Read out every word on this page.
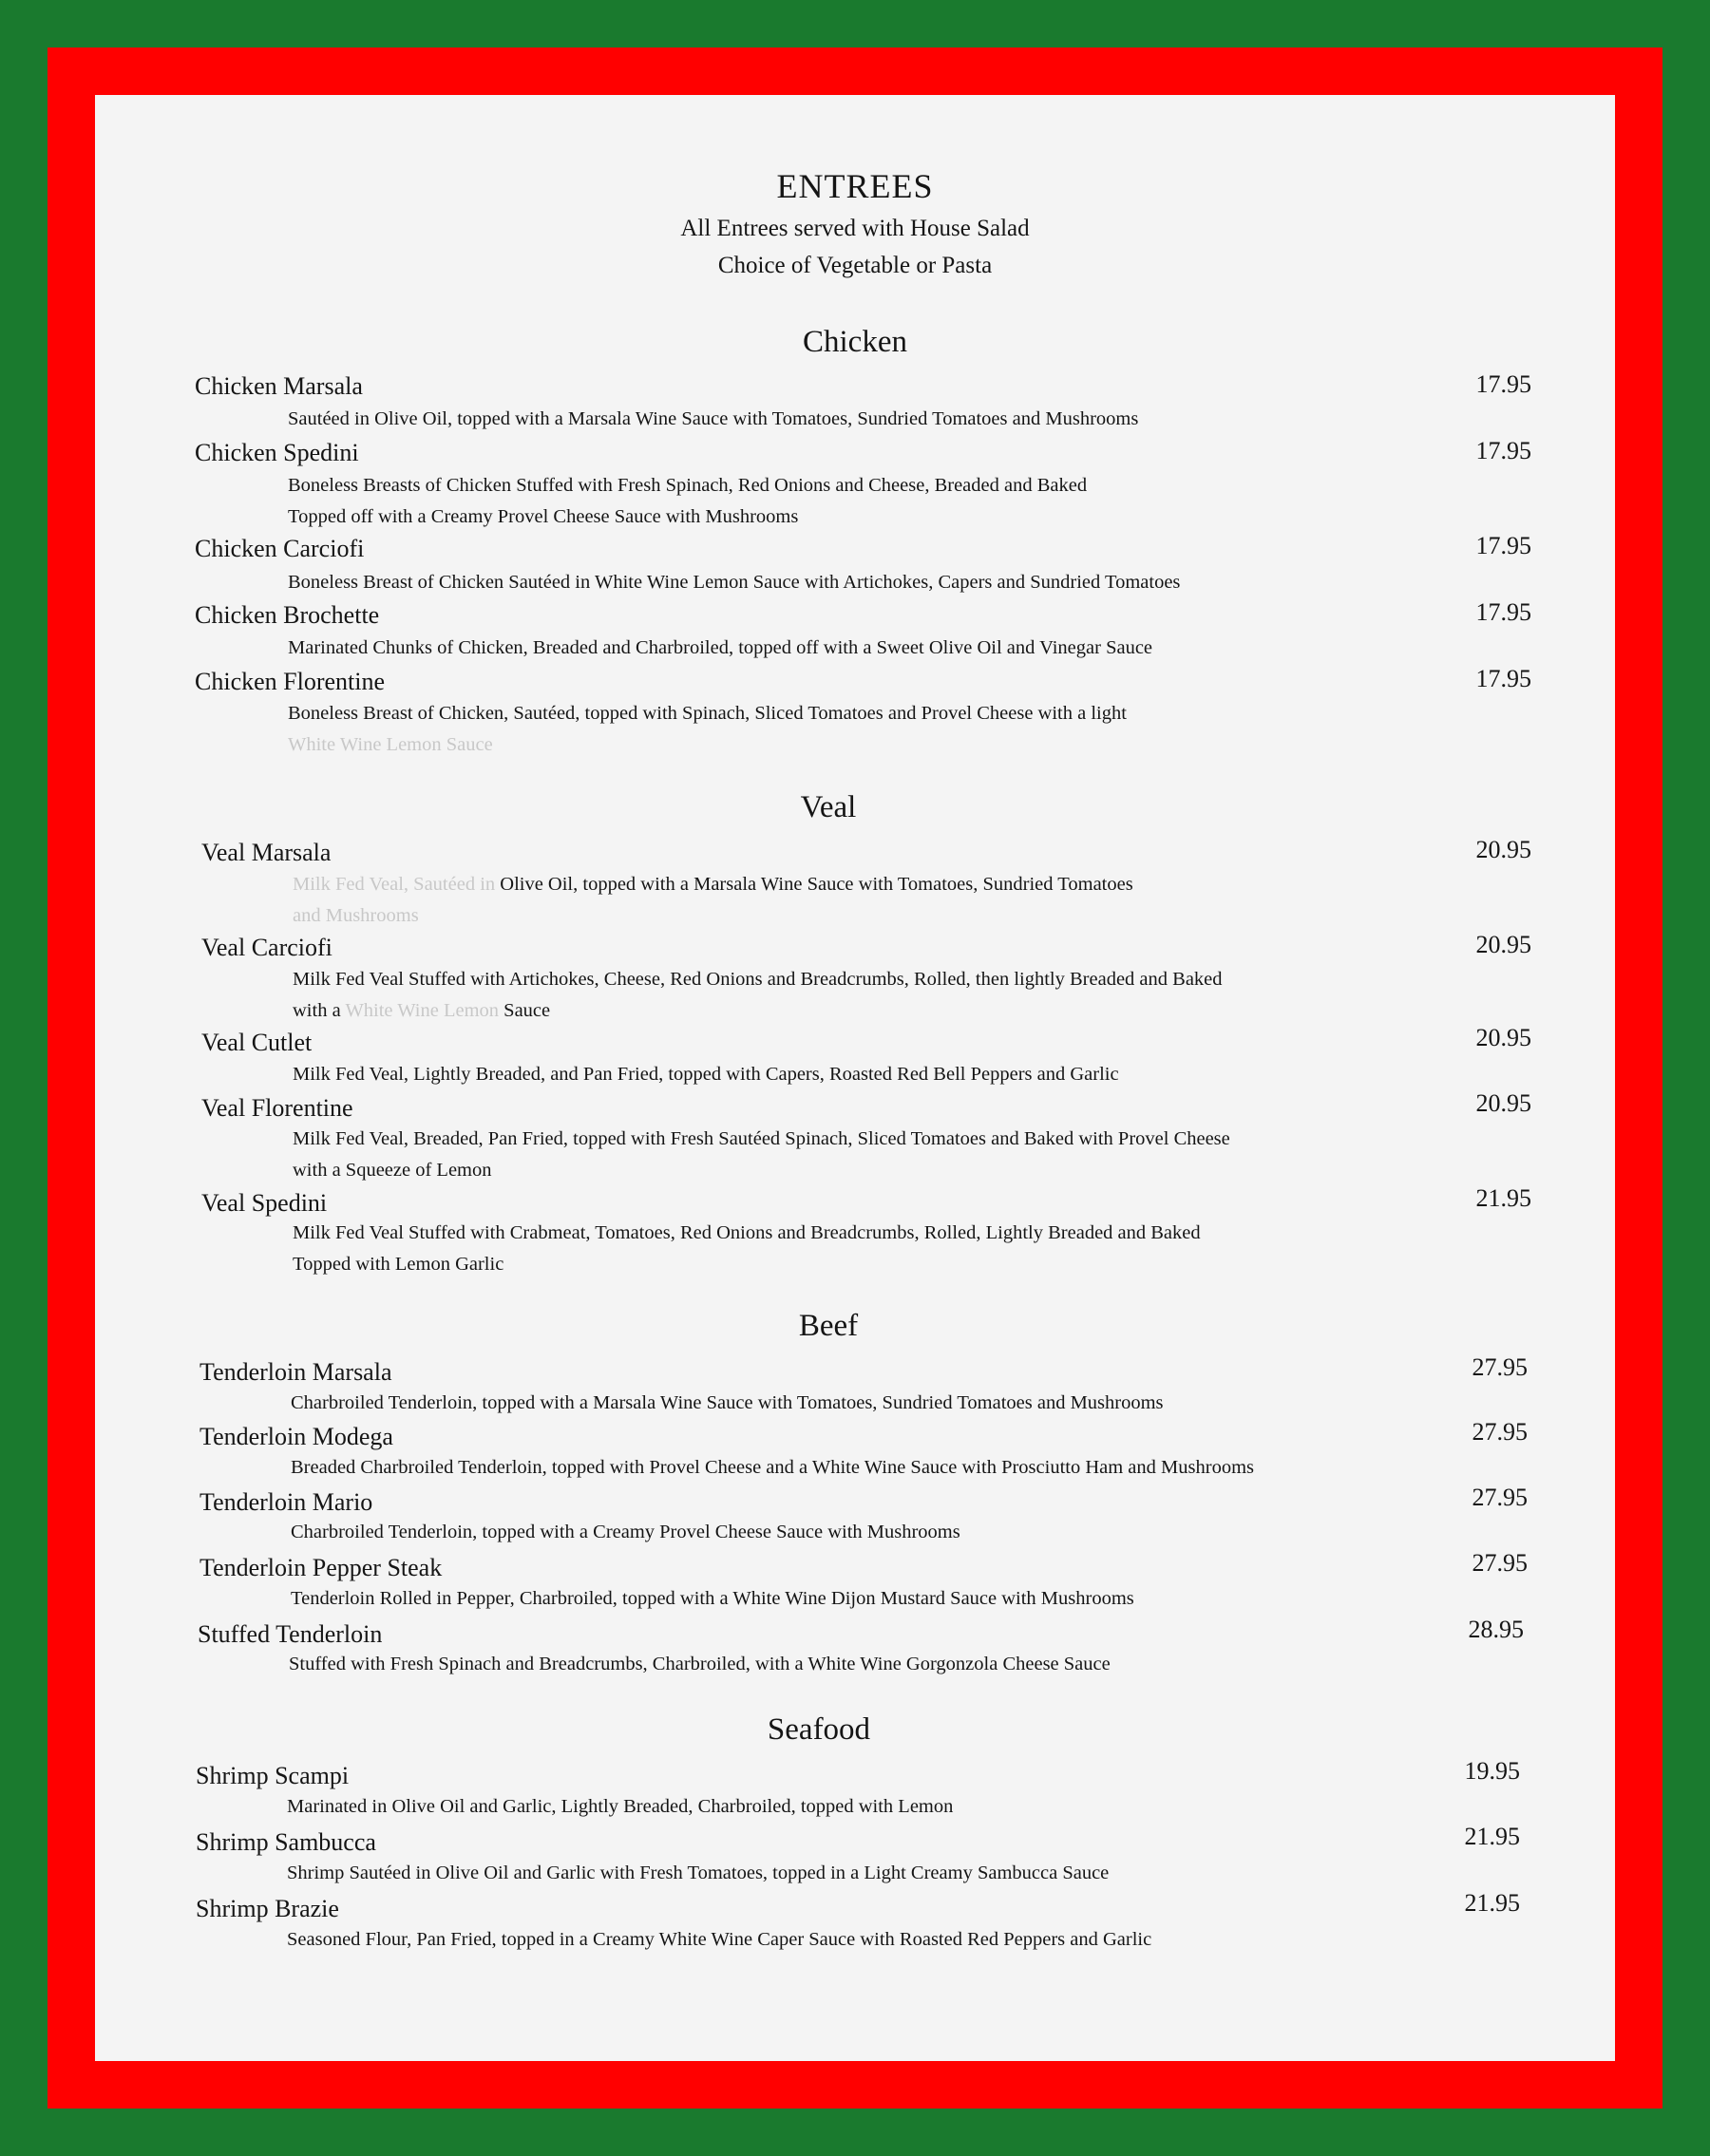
ENTREES
All Entrees served with House Salad
Choice of Vegetable or Pasta
Chicken
Chicken Marsala	17.95
Sautéed in Olive Oil, topped with a Marsala Wine Sauce with Tomatoes, Sundried Tomatoes and Mushrooms
Chicken Spedini	17.95
Boneless Breasts of Chicken Stuffed with Fresh Spinach, Red Onions and Cheese, Breaded and Baked
Topped off with a Creamy Provel Cheese Sauce with Mushrooms
Chicken Carciofi	17.95
Boneless Breast of Chicken Sautéed in White Wine Lemon Sauce with Artichokes, Capers and Sundried Tomatoes
Chicken Brochette	17.95
Marinated Chunks of Chicken, Breaded and Charbroiled, topped off with a Sweet Olive Oil and Vinegar Sauce
Chicken Florentine	17.95
Boneless Breast of Chicken, Sautéed, topped with Spinach, Sliced Tomatoes and Provel Cheese with a light
White Wine Lemon Sauce
Veal
Veal Marsala	20.95
Milk Fed Veal, Sautéed in Olive Oil, topped with a Marsala Wine Sauce with Tomatoes, Sundried Tomatoes
and Mushrooms
Veal Carciofi	20.95
Milk Fed Veal Stuffed with Artichokes, Cheese, Red Onions and Breadcrumbs, Rolled, then lightly Breaded and Baked
with a White Wine Lemon Sauce
Veal Cutlet	20.95
Milk Fed Veal, Lightly Breaded, and Pan Fried, topped with Capers, Roasted Red Bell Peppers and Garlic
Veal Florentine	20.95
Milk Fed Veal, Breaded, Pan Fried, topped with Fresh Sautéed Spinach, Sliced Tomatoes and Baked with Provel Cheese
with a Squeeze of Lemon
Veal Spedini	21.95
Milk Fed Veal Stuffed with Crabmeat, Tomatoes, Red Onions and Breadcrumbs, Rolled, Lightly Breaded and Baked
Topped with Lemon Garlic
Beef
Tenderloin Marsala	27.95
Charbroiled Tenderloin, topped with a Marsala Wine Sauce with Tomatoes, Sundried Tomatoes and Mushrooms
Tenderloin Modega	27.95
Breaded Charbroiled Tenderloin, topped with Provel Cheese and a White Wine Sauce with Prosciutto Ham and Mushrooms
Tenderloin Mario	27.95
Charbroiled Tenderloin, topped with a Creamy Provel Cheese Sauce with Mushrooms
Tenderloin Pepper Steak	27.95
Tenderloin Rolled in Pepper, Charbroiled, topped with a White Wine Dijon Mustard Sauce with Mushrooms
Stuffed Tenderloin	28.95
Stuffed with Fresh Spinach and Breadcrumbs, Charbroiled, with a White Wine Gorgonzola Cheese Sauce
Seafood
Shrimp Scampi	19.95
Marinated in Olive Oil and Garlic, Lightly Breaded, Charbroiled, topped with Lemon
Shrimp Sambucca	21.95
Shrimp Sautéed in Olive Oil and Garlic with Fresh Tomatoes, topped in a Light Creamy Sambucca Sauce
Shrimp Brazie	21.95
Seasoned Flour, Pan Fried, topped in a Creamy White Wine Caper Sauce with Roasted Red Peppers and Garlic
